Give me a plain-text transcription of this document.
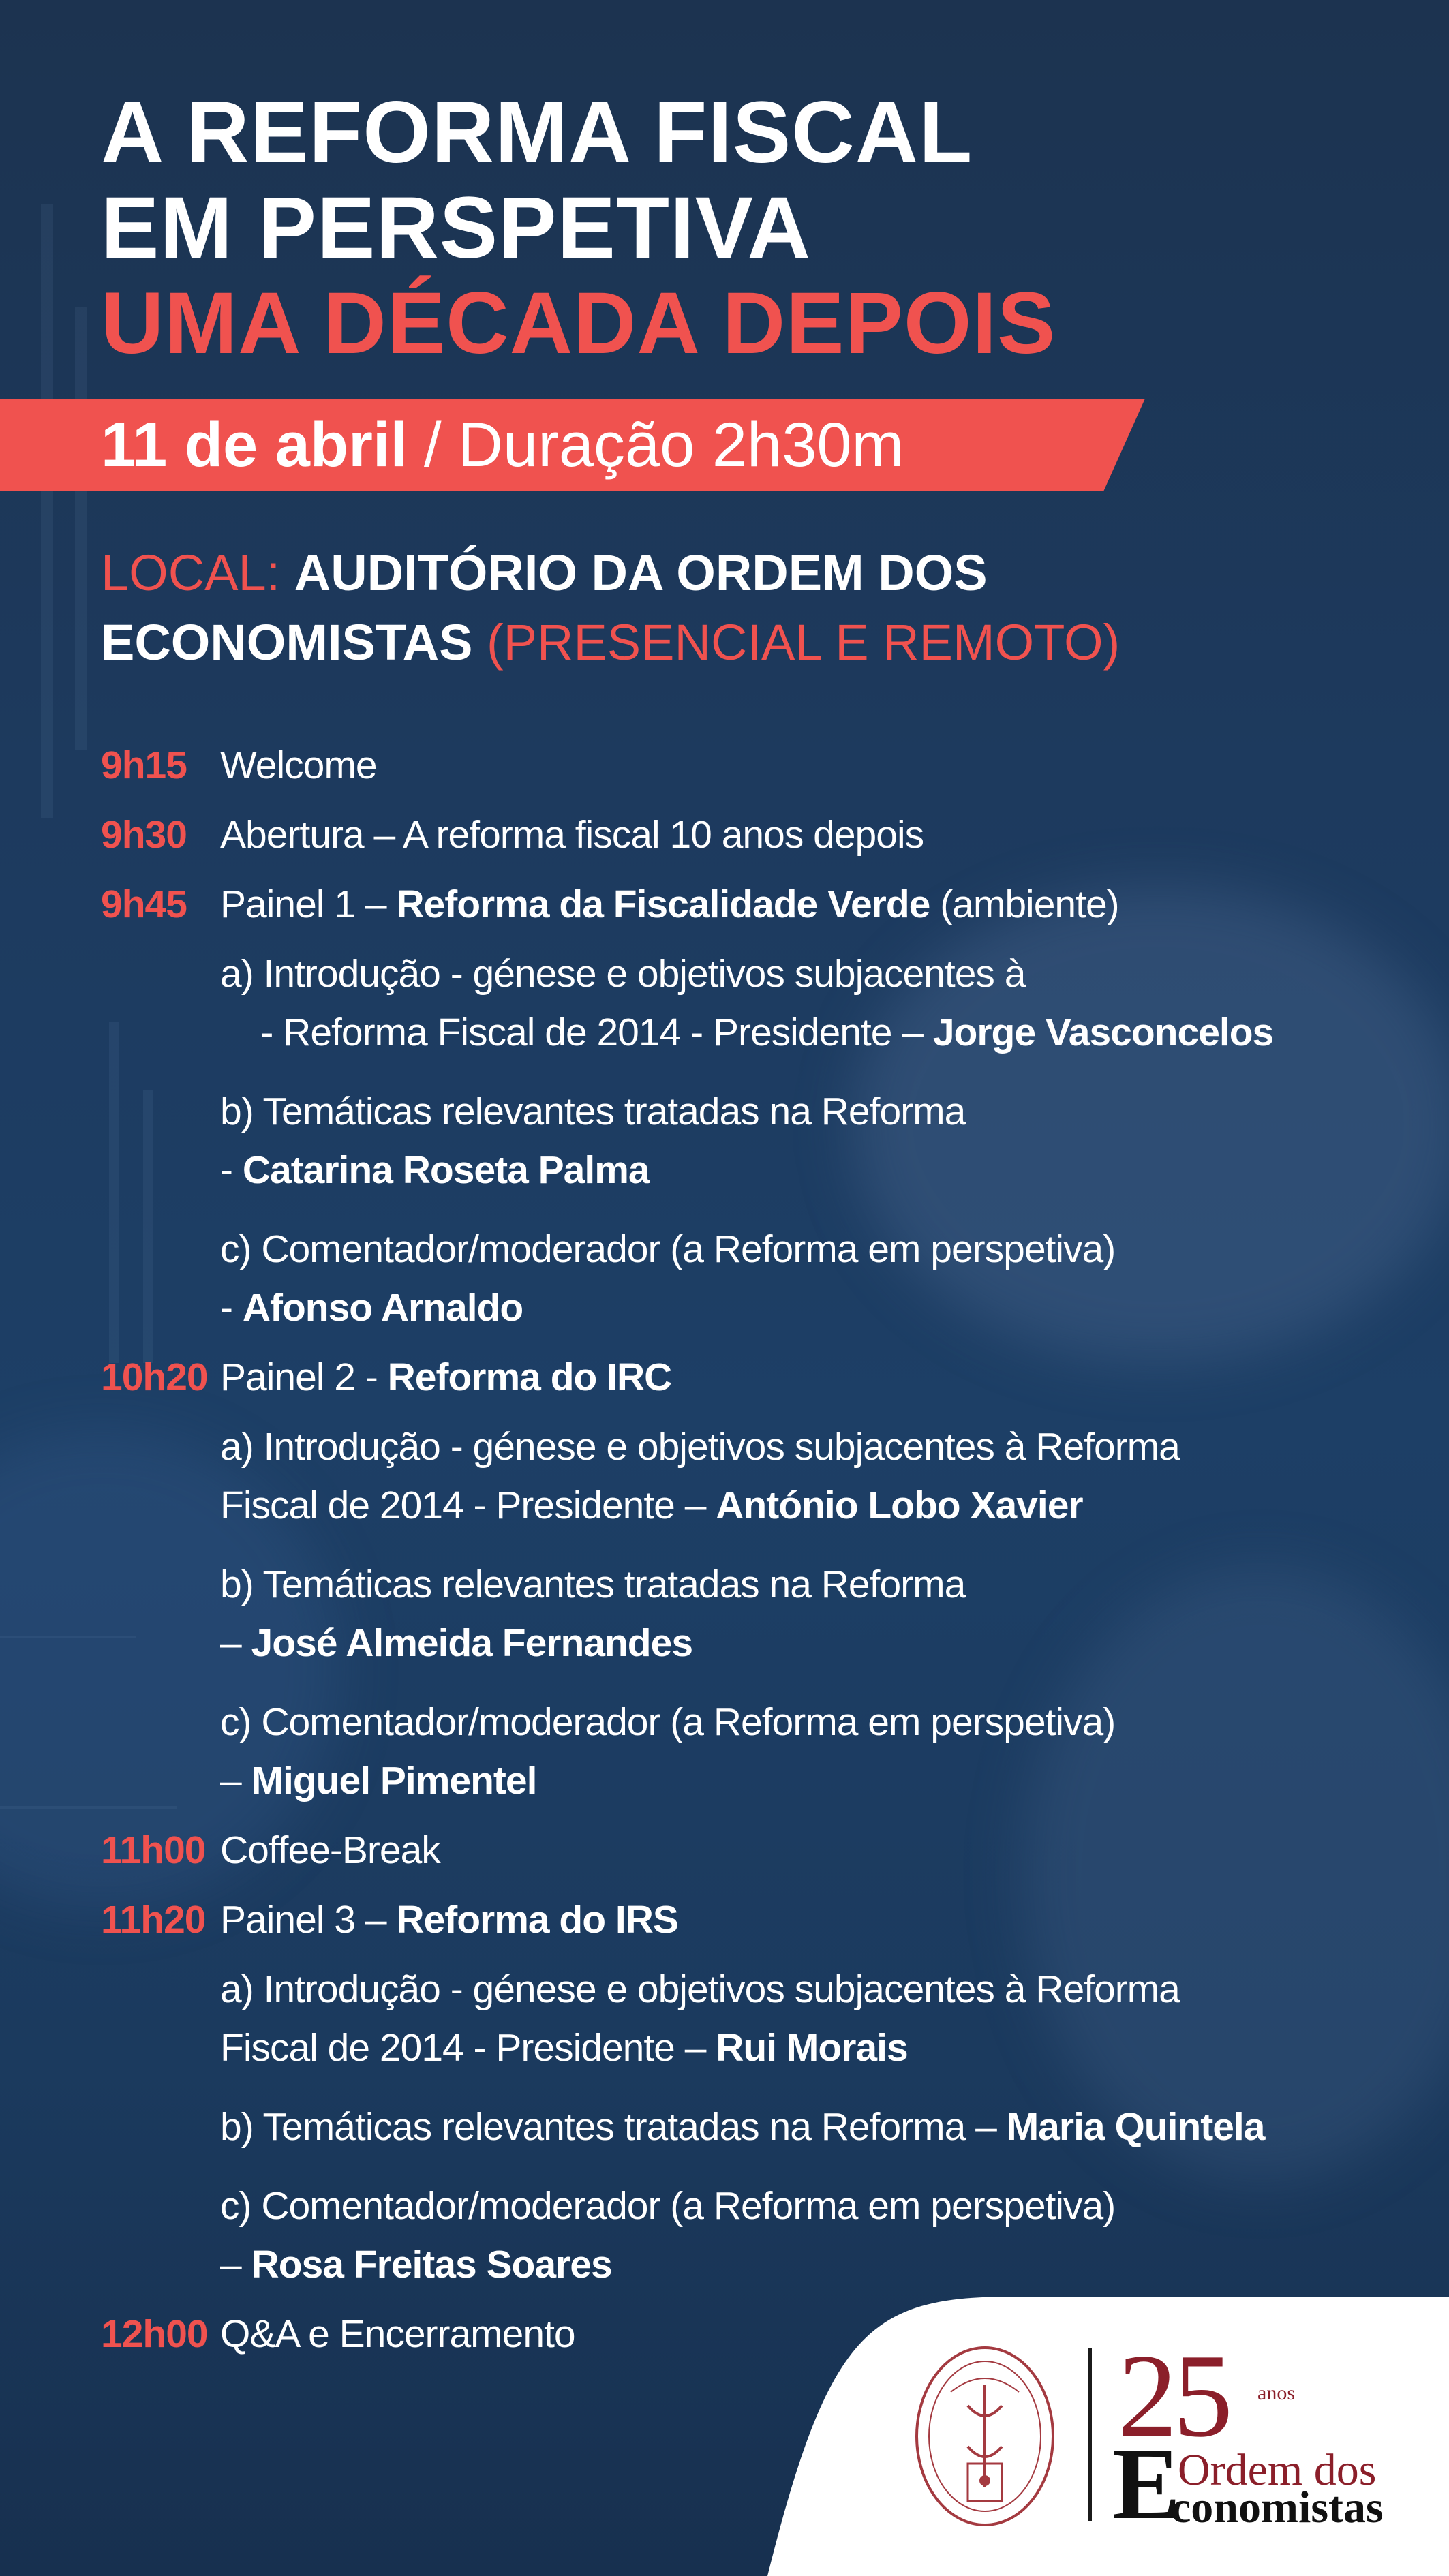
A REFORMA FISCAL
EM PERSPETIVA
UMA DÉCADA DEPOIS
11 de abril / Duração 2h30m

LOCAL: AUDITÓRIO DA ORDEM DOS
ECONOMISTAS (PRESENCIAL E REMOTO)

9h15 Welcome
9h30 Abertura – A reforma fiscal 10 anos depois
9h45 Painel 1 – Reforma da Fiscalidade Verde (ambiente)
a) Introdução - génese e objetivos subjacentes à
- Reforma Fiscal de 2014 - Presidente – Jorge Vasconcelos
b) Temáticas relevantes tratadas na Reforma
- Catarina Roseta Palma
c) Comentador/moderador (a Reforma em perspetiva)
- Afonso Arnaldo
10h20 Painel 2 - Reforma do IRC
a) Introdução - génese e objetivos subjacentes à Reforma
Fiscal de 2014 - Presidente – António Lobo Xavier
b) Temáticas relevantes tratadas na Reforma
– José Almeida Fernandes
c) Comentador/moderador (a Reforma em perspetiva)
– Miguel Pimentel
11h00 Coffee-Break
11h20 Painel 3 – Reforma do IRS
a) Introdução - génese e objetivos subjacentes à Reforma
Fiscal de 2014 - Presidente – Rui Morais
b) Temáticas relevantes tratadas na Reforma – Maria Quintela
c) Comentador/moderador (a Reforma em perspetiva)
– Rosa Freitas Soares
12h00 Q&A e Encerramento	25 anos
Ordem dos
E
conomistas
